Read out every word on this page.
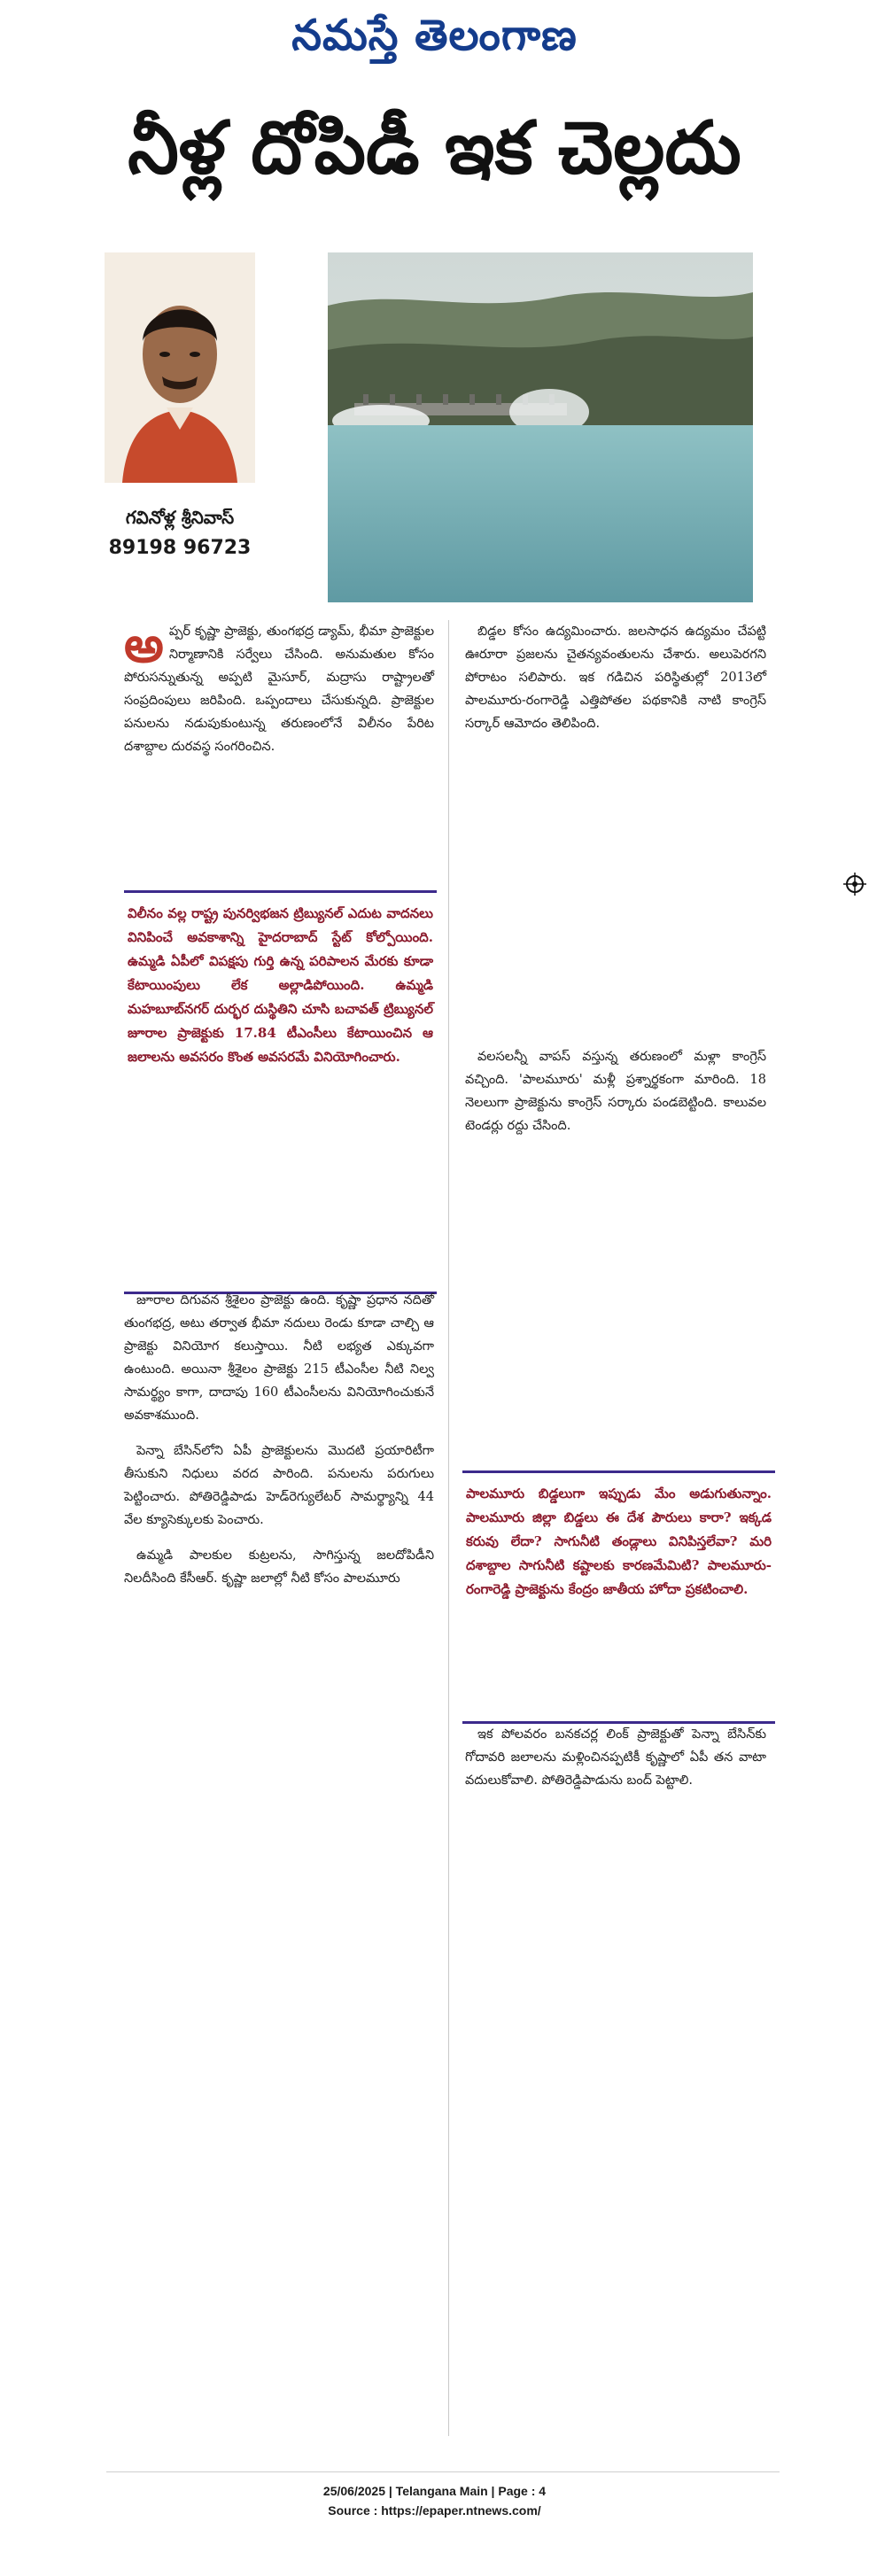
నమస్తే తెలంగాణ
నీళ్ల దోపిడీ ఇక చెల్లదు
గవినోళ్ల శ్రీనివాస్
89198 96723

అ ప్పర్ కృష్ణా ప్రాజెక్టు, తుంగభద్ర డ్యామ్, భీమా ప్రాజెక్టుల నిర్మాణానికి సర్వేలు చేసింది. అనుమతుల కోసం పోరుసన్నుతున్న అప్పటి మైసూర్, మద్రాసు రాష్ట్రాలతో సంప్రదింపులు జరిపింది. ఒప్పందాలు చేసుకున్నది. ప్రాజెక్టుల పనులను నడుపుకుంటున్న తరుణంలోనే విలీనం పేరిట దశాబ్దాల దురవస్థ సంగరించిన.

విలీనం వల్ల రాష్ట్ర పునర్విభజన ట్రిబ్యునల్ ఎదుట వాదనలు వినిపించే అవకాశాన్ని హైదరాబాద్ స్టేట్ కోల్పోయింది. ఉమ్మడి ఏపీలో విపక్షపు గుర్తి ఉన్న పరిపాలన మేరకు కూడా కేటాయింపులు లేక అల్లాడిపోయింది. ఉమ్మడి మహబూబ్‌నగర్ దుర్భర దుస్థితిని చూసి బచావత్ ట్రిబ్యునల్ జూరాల ప్రాజెక్టుకు 17.84 టీఎంసీలు కేటాయించిన ఆ జలాలను అవసరం కొంత అవసరమే వినియోగించారు.

జూరాల దిగువన శ్రీశైలం ప్రాజెక్టు ఉంది. కృష్ణా ప్రధాన నదితో తుంగభద్ర, అటు తర్వాత భీమా నదులు రెండు కూడా చాల్చి ఆ ప్రాజెక్టు వినియోగ కలుస్తాయి. నీటి లభ్యత ఎక్కువగా ఉంటుంది. అయినా శ్రీశైలం ప్రాజెక్టు 215 టీఎంసీల నీటి నిల్వ సామర్థ్యం కాగా, దాదాపు 160 టీఎంసీలను వినియోగించుకునే అవకాశముంది.

పెన్నా బేసిన్‌లోని ఏపీ ప్రాజెక్టులను మొదటి ప్రయారిటీగా తీసుకుని నిధులు వరద పారింది. పనులను పరుగులు పెట్టించారు. పోతిరెడ్డిపాడు హెడ్‌రెగ్యులేటర్ సామర్థ్యాన్ని 44 వేల క్యూసెక్కులకు పెంచారు.

ఉమ్మడి పాలకుల కుట్రలను, సాగిస్తున్న జలదోపిడీని నిలదీసింది కేసీఆర్. కృష్ణా జలాల్లో నీటి కోసం పాలమూరు

బిడ్డల కోసం ఉద్యమించారు. జలసాధన ఉద్యమం చేపట్టి ఊరూరా ప్రజలను చైతన్యవంతులను చేశారు. అలుపెరగని పోరాటం సలిపారు. ఇక గడిచిన పరిస్థితుల్లో 2013లో పాలమూరు-రంగారెడ్డి ఎత్తిపోతల పథకానికి నాటి కాంగ్రెస్ సర్కార్ ఆమోదం తెలిపింది.

వలసలన్నీ వాపస్ వస్తున్న తరుణంలో మళ్లా కాంగ్రెస్ వచ్చింది. 'పాలమూరు' మళ్లీ ప్రశ్నార్థకంగా మారింది. 18 నెలలుగా ప్రాజెక్టును కాంగ్రెస్ సర్కారు పండబెట్టింది. కాలువల టెండర్లు రద్దు చేసింది.

పాలమూరు బిడ్డలుగా ఇప్పుడు మేం అడుగుతున్నాం. పాలమూరు జిల్లా బిడ్డలు ఈ దేశ పౌరులు కారా? ఇక్కడ కరువు లేదా? సాగునీటి తండ్లాలు వినిపిస్తలేవా? మరి దశాబ్దాల సాగునీటి కష్టాలకు కారణమేమిటి? పాలమూరు-రంగారెడ్డి ప్రాజెక్టును కేంద్రం జాతీయ హోదా ప్రకటించాలి.

ఇక పోలవరం బనకచర్ల లింక్ ప్రాజెక్టుతో పెన్నా బేసిన్‌కు గోదావరి జలాలను మళ్లించినప్పటికీ కృష్ణాలో ఏపీ తన వాటా వదులుకోవాలి. పోతిరెడ్డిపాడును బంద్ పెట్టాలి.

25/06/2025 | Telangana Main | Page : 4
Source : https://epaper.ntnews.com/
